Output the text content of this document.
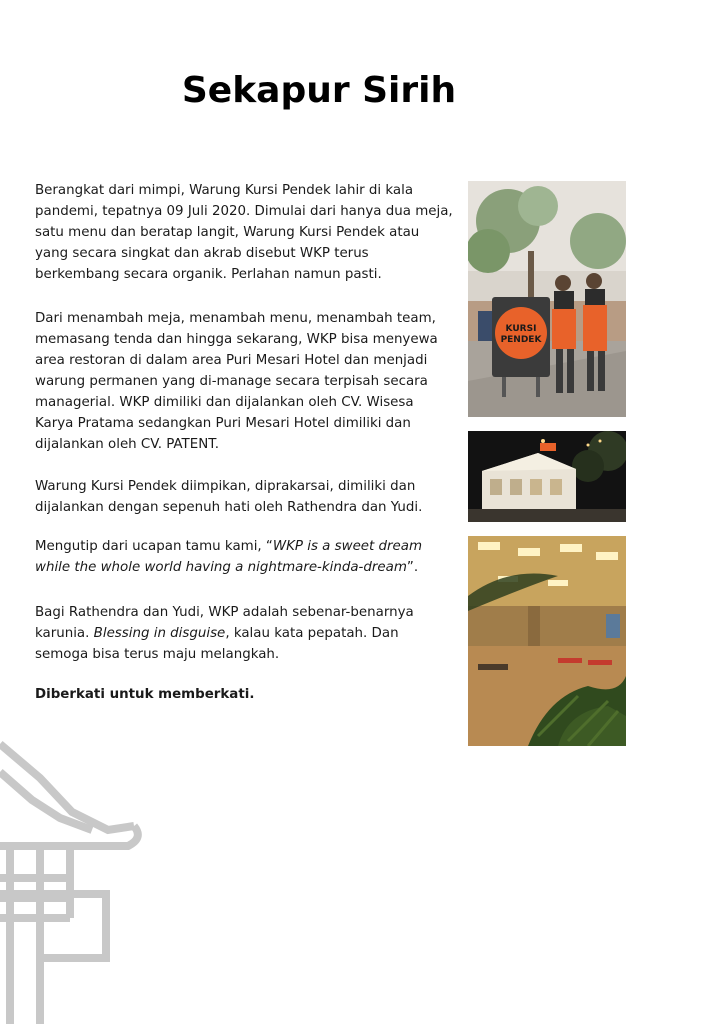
Sekapur Sirih

Berangkat dari mimpi, Warung Kursi Pendek lahir di kala pandemi, tepatnya 09 Juli 2020. Dimulai dari hanya dua meja, satu menu dan beratap langit, Warung Kursi Pendek atau yang secara singkat dan akrab disebut WKP terus berkembang secara organik. Perlahan namun pasti.

Dari menambah meja, menambah menu, menambah team, memasang tenda dan hingga sekarang, WKP bisa menyewa area restoran di dalam area Puri Mesari Hotel dan menjadi warung permanen yang di-manage secara terpisah secara managerial. WKP dimiliki dan dijalankan oleh CV. Wisesa Karya Pratama sedangkan Puri Mesari Hotel dimiliki dan dijalankan oleh CV. PATENT.

Warung Kursi Pendek diimpikan, diprakarsai, dimiliki dan dijalankan dengan sepenuh hati oleh Rathendra dan Yudi.

Mengutip dari ucapan tamu kami, “WKP is a sweet dream while the whole world having a nightmare-kinda-dream”.

Bagi Rathendra dan Yudi, WKP adalah sebenar-benarnya karunia. Blessing in disguise, kalau kata pepatah. Dan semoga bisa terus maju melangkah.

Diberkati untuk memberkati.

KURSI
PENDEK
